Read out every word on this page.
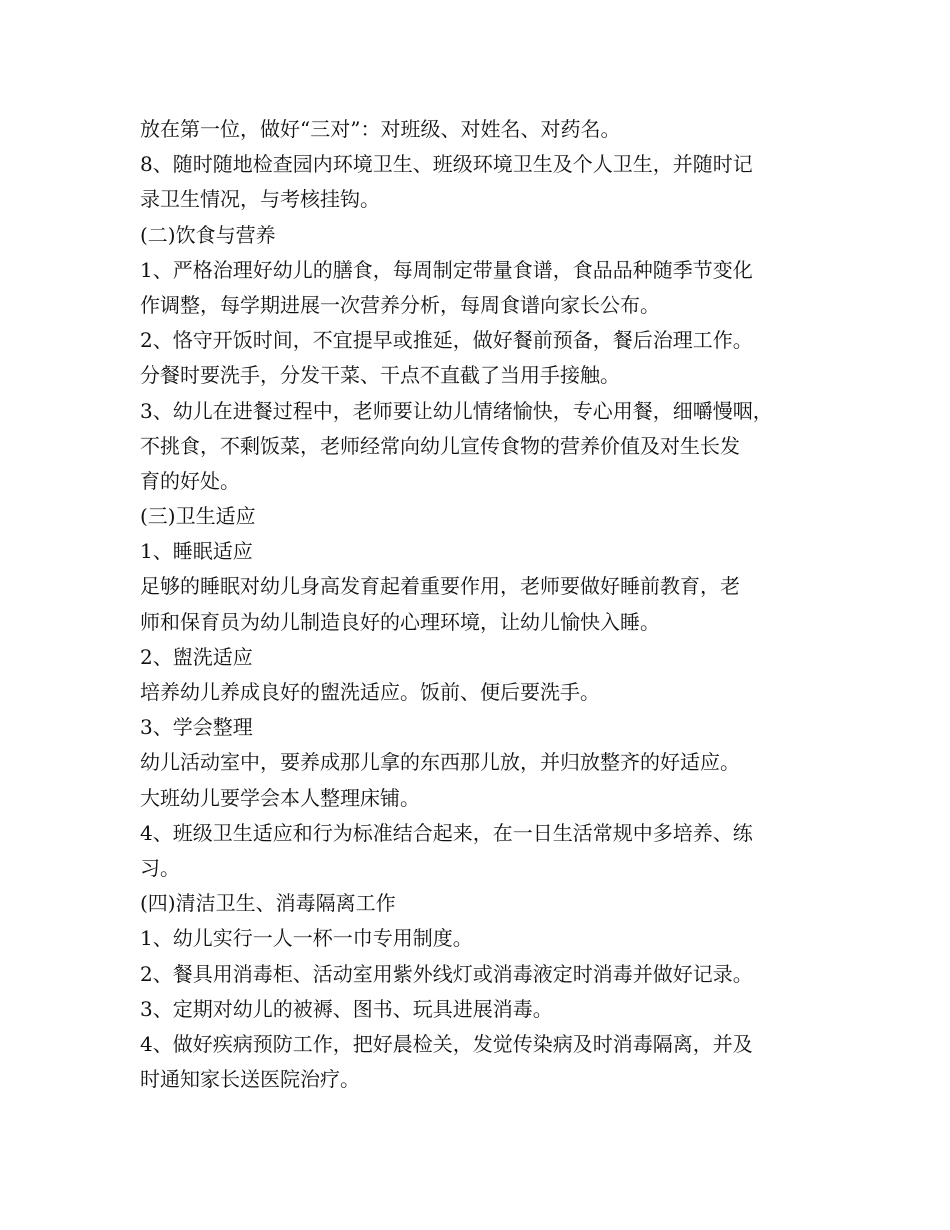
放在第一位，做好“三对”：对班级、对姓名、对药名。
8、随时随地检查园内环境卫生、班级环境卫生及个人卫生，并随时记
录卫生情况，与考核挂钩。
(二)饮食与营养
1、严格治理好幼儿的膳食，每周制定带量食谱，食品品种随季节变化
作调整，每学期进展一次营养分析，每周食谱向家长公布。
2、恪守开饭时间，不宜提早或推延，做好餐前预备，餐后治理工作。
分餐时要洗手，分发干菜、干点不直截了当用手接触。
3、幼儿在进餐过程中，老师要让幼儿情绪愉快，专心用餐，细嚼慢咽，
不挑食，不剩饭菜，老师经常向幼儿宣传食物的营养价值及对生长发
育的好处。
(三)卫生适应
1、睡眠适应
足够的睡眠对幼儿身高发育起着重要作用，老师要做好睡前教育，老
师和保育员为幼儿制造良好的心理环境，让幼儿愉快入睡。
2、盥洗适应
培养幼儿养成良好的盥洗适应。饭前、便后要洗手。
3、学会整理
幼儿活动室中，要养成那儿拿的东西那儿放，并归放整齐的好适应。
大班幼儿要学会本人整理床铺。
4、班级卫生适应和行为标准结合起来，在一日生活常规中多培养、练
习。
(四)清洁卫生、消毒隔离工作
1、幼儿实行一人一杯一巾专用制度。
2、餐具用消毒柜、活动室用紫外线灯或消毒液定时消毒并做好记录。
3、定期对幼儿的被褥、图书、玩具进展消毒。
4、做好疾病预防工作，把好晨检关，发觉传染病及时消毒隔离，并及
时通知家长送医院治疗。
